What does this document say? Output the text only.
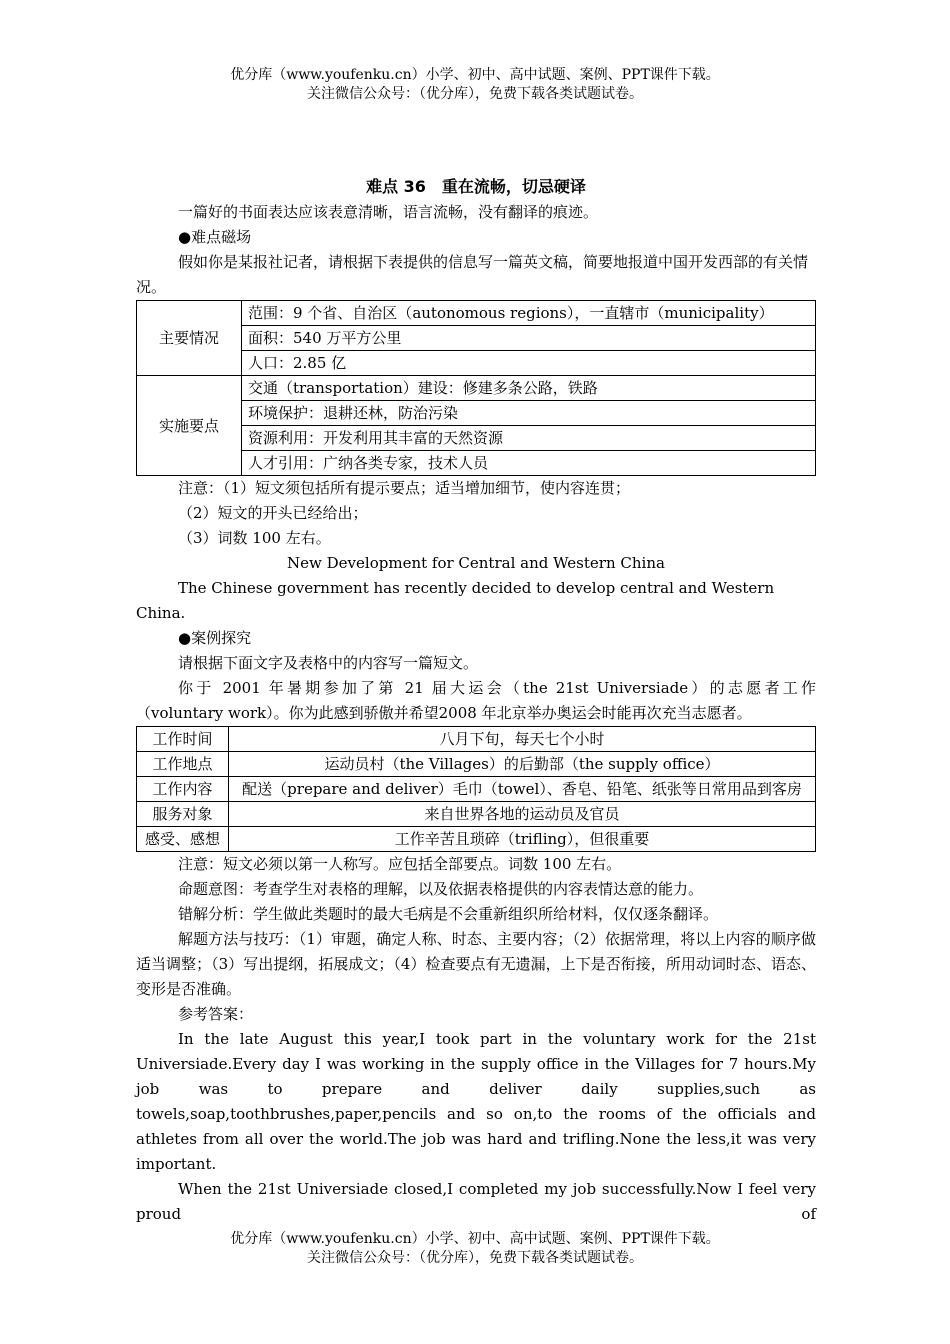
优分库（www.youfenku.cn）小学、初中、高中试题、案例、PPT课件下载。
关注微信公众号：（优分库），免费下载各类试题试卷。
难点 36　重在流畅，切忌硬译

一篇好的书面表达应该表意清晰，语言流畅，没有翻译的痕迹。

●难点磁场

假如你是某报社记者，请根据下表提供的信息写一篇英文稿，简要地报道中国开发西部的有关情况。

主要情况	范围：9 个省、自治区（autonomous regions），一直辖市（municipality）
	面积：540 万平方公里
	人口：2.85 亿
实施要点	交通（transportation）建设：修建多条公路，铁路
	环境保护：退耕还林，防治污染
	资源利用：开发利用其丰富的天然资源
	人才引用：广纳各类专家，技术人员

注意：（1）短文须包括所有提示要点；适当增加细节，使内容连贯；

（2）短文的开头已经给出；

（3）词数 100 左右。

New Development for Central and Western China

The Chinese government has recently decided to develop central and Western China.

●案例探究

请根据下面文字及表格中的内容写一篇短文。

你于 2001 年暑期参加了第 21 届大运会（the 21st Universiade）的志愿者工作

（voluntary work）。你为此感到骄傲并希望2008 年北京举办奥运会时能再次充当志愿者。

工作时间	八月下旬，每天七个小时
工作地点	运动员村（the Villages）的后勤部（the supply office）
工作内容	配送（prepare and deliver）毛巾（towel）、香皂、铅笔、纸张等日常用品到客房
服务对象	来自世界各地的运动员及官员
感受、感想	工作辛苦且琐碎（trifling），但很重要

注意：短文必须以第一人称写。应包括全部要点。词数 100 左右。

命题意图：考查学生对表格的理解，以及依据表格提供的内容表情达意的能力。

错解分析：学生做此类题时的最大毛病是不会重新组织所给材料，仅仅逐条翻译。

解题方法与技巧：（1）审题，确定人称、时态、主要内容；（2）依据常理，将以上内容的顺序做适当调整；（3）写出提纲，拓展成文；（4）检查要点有无遗漏，上下是否衔接，所用动词时态、语态、变形是否准确。

参考答案：

In the late August this year,I took part in the voluntary work for the 21st Universiade.Every day I was working in the supply office in the Villages for 7 hours.My job was to prepare and deliver daily supplies,such as towels,soap,toothbrushes,paper,pencils and so on,to the rooms of the officials and athletes from all over the world.The job was hard and trifling.None the less,it was very important.

When the 21st Universiade closed,I completed my job successfully.Now I feel very proud of

优分库（www.youfenku.cn）小学、初中、高中试题、案例、PPT课件下载。
关注微信公众号：（优分库），免费下载各类试题试卷。
